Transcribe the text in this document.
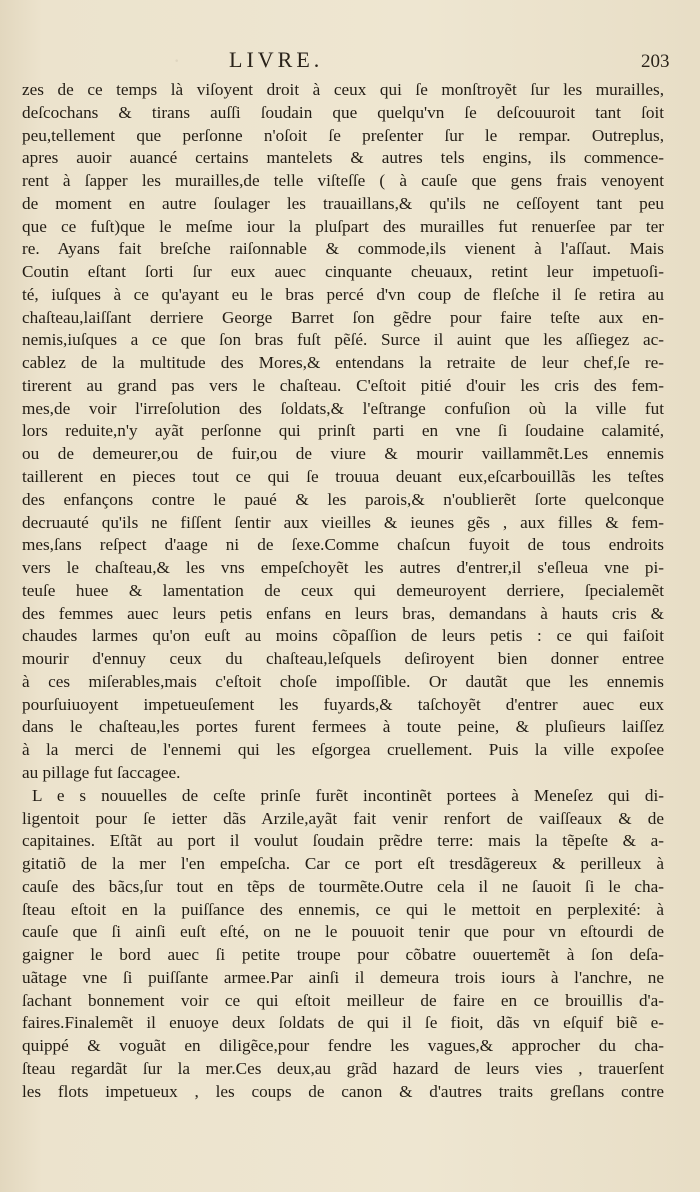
· LIVRE.	203
zes de ce temps là viſoyent droit à ceux qui ſe monſtroyẽt ſur les murailles,
deſcochans & tirans auſſi ſoudain que quelqu'vn ſe deſcouuroit tant ſoit
peu,tellement que perſonne n'oſoit ſe preſenter ſur le rempar. Outreplus,
apres auoir auancé certains mantelets & autres tels engins, ils commence-
rent à ſapper les murailles,de telle viſteſſe ( à cauſe que gens frais venoyent
de moment en autre ſoulager les trauaillans,& qu'ils ne ceſſoyent tant peu
que ce fuſt)que le meſme iour la pluſpart des murailles fut renuerſee par ter
re. Ayans fait breſche raiſonnable & commode,ils vienent à l'aſſaut. Mais
Coutin eſtant ſorti ſur eux auec cinquante cheuaux, retint leur impetuoſi-
té, iuſques à ce qu'ayant eu le bras percé d'vn coup de fleſche il ſe retira au
chaſteau,laiſſant derriere George Barret ſon gẽdre pour faire teſte aux en-
nemis,iuſques a ce que ſon bras fuſt pẽſé. Surce il auint que les aſſiegez ac-
cablez de la multitude des Mores,& entendans la retraite de leur chef,ſe re-
tirerent au grand pas vers le chaſteau. C'eſtoit pitié d'ouir les cris des fem-
mes,de voir l'irreſolution des ſoldats,& l'eſtrange confuſion où la ville fut
lors reduite,n'y ayãt perſonne qui prinſt parti en vne ſi ſoudaine calamité,
ou de demeurer,ou de fuir,ou de viure & mourir vaillammẽt.Les ennemis
taillerent en pieces tout ce qui ſe trouua deuant eux,eſcarbouillãs les teſtes
des enfançons contre le paué & les parois,& n'oublierẽt ſorte quelconque
decruauté qu'ils ne fiſſent ſentir aux vieilles & ieunes gẽs , aux filles & fem-
mes,ſans reſpect d'aage ni de ſexe.Comme chaſcun fuyoit de tous endroits
vers le chaſteau,& les vns empeſchoyẽt les autres d'entrer,il s'eſleua vne pi-
teuſe huee & lamentation de ceux qui demeuroyent derriere, ſpecialemẽt
des femmes auec leurs petis enfans en leurs bras, demandans à hauts cris &
chaudes larmes qu'on euſt au moins cõpaſſion de leurs petis : ce qui faiſoit
mourir d'ennuy ceux du chaſteau,leſquels deſiroyent bien donner entree
à ces miſerables,mais c'eſtoit choſe impoſſible. Or dautãt que les ennemis
pourſuiuoyent impetueuſement les fuyards,& taſchoyẽt d'entrer auec eux
dans le chaſteau,les portes furent fermees à toute peine, & pluſieurs laiſſez
à la merci de l'ennemi qui les eſgorgea cruellement. Puis la ville expoſee
au pillage fut ſaccagee.
L e s nouuelles de ceſte prinſe furẽt incontinẽt portees à Meneſez qui di-
ligentoit pour ſe ietter dãs Arzile,ayãt fait venir renfort de vaiſſeaux & de
capitaines. Eſtãt au port il voulut ſoudain prẽdre terre: mais la tẽpeſte & a-
gitatiõ de la mer l'en empeſcha. Car ce port eſt tresdãgereux & perilleux à
cauſe des bãcs,ſur tout en tẽps de tourmẽte.Outre cela il ne ſauoit ſi le cha-
ſteau eſtoit en la puiſſance des ennemis, ce qui le mettoit en perplexité: à
cauſe que ſi ainſi euſt eſté, on ne le pouuoit tenir que pour vn eſtourdi de
gaigner le bord auec ſi petite troupe pour cõbatre ouuertemẽt à ſon deſa-
uãtage vne ſi puiſſante armee.Par ainſi il demeura trois iours à l'anchre, ne
ſachant bonnement voir ce qui eſtoit meilleur de faire en ce brouillis d'a-
faires.Finalemẽt il enuoye deux ſoldats de qui il ſe fioit, dãs vn eſquif biẽ e-
quippé & voguãt en diligẽce,pour fendre les vagues,& approcher du cha-
ſteau regardãt ſur la mer.Ces deux,au grãd hazard de leurs vies , trauerſent
les flots impetueux , les coups de canon & d'autres traits greſlans contre
